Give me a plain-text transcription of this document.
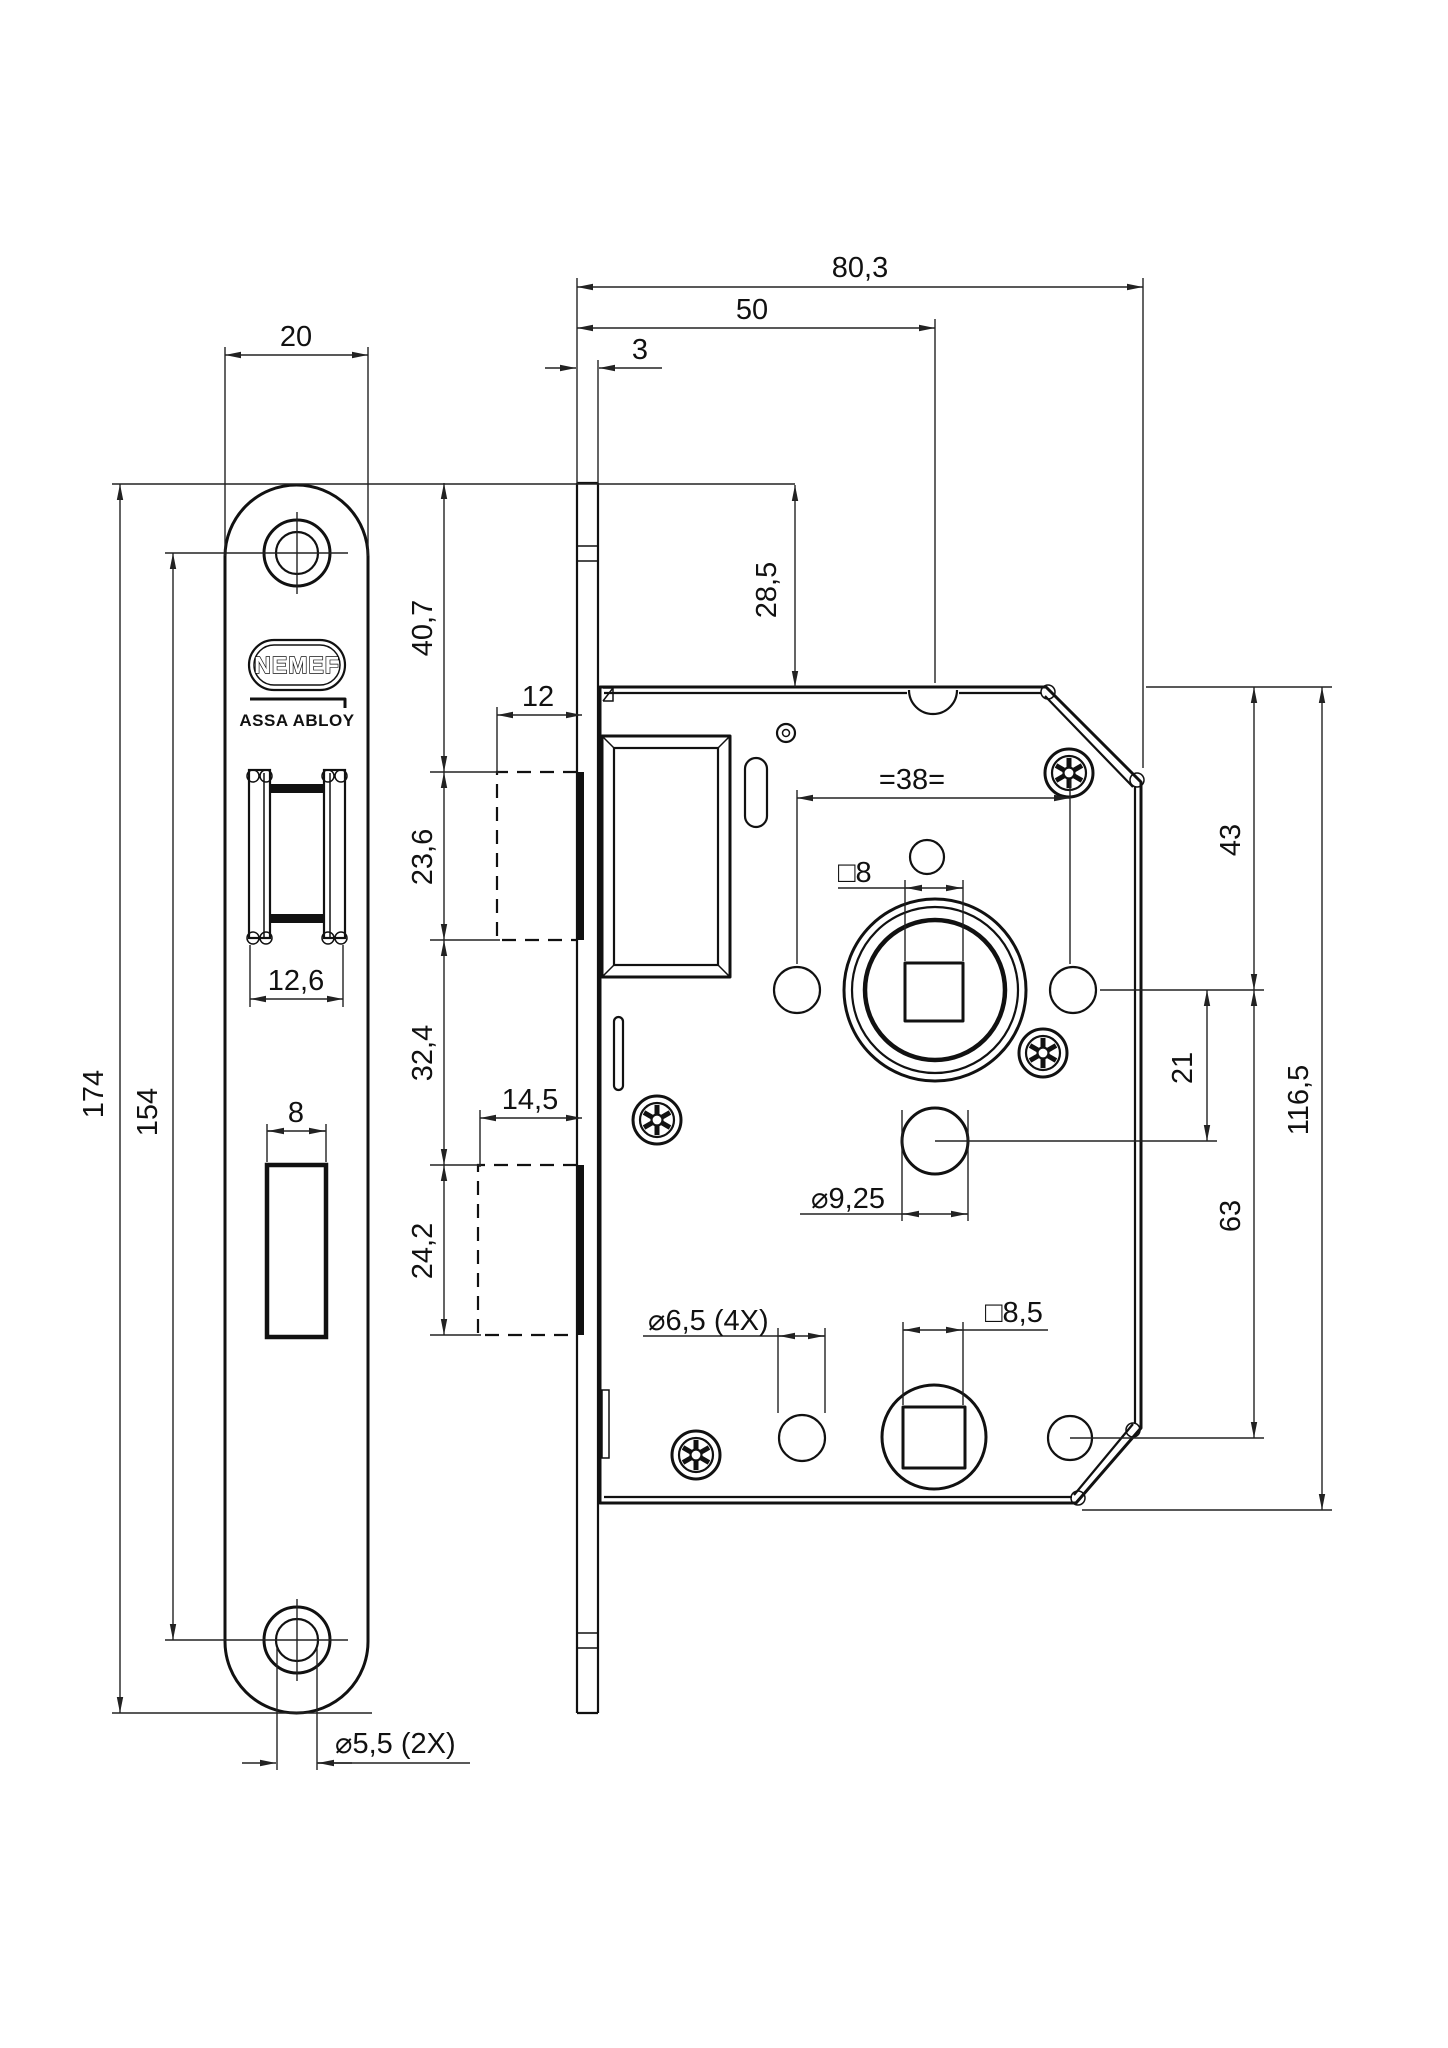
NEMEF
ASSA ABLOY
20
80,3
50
3
28,5
174 154
40,7
12
23,6
12,6
32,4
14,5
8
24,2
⌀5,5 (2X)
=38=
□8
43
21
⌀9,25
63
116,5
⌀6,5 (4X)	□8,5
